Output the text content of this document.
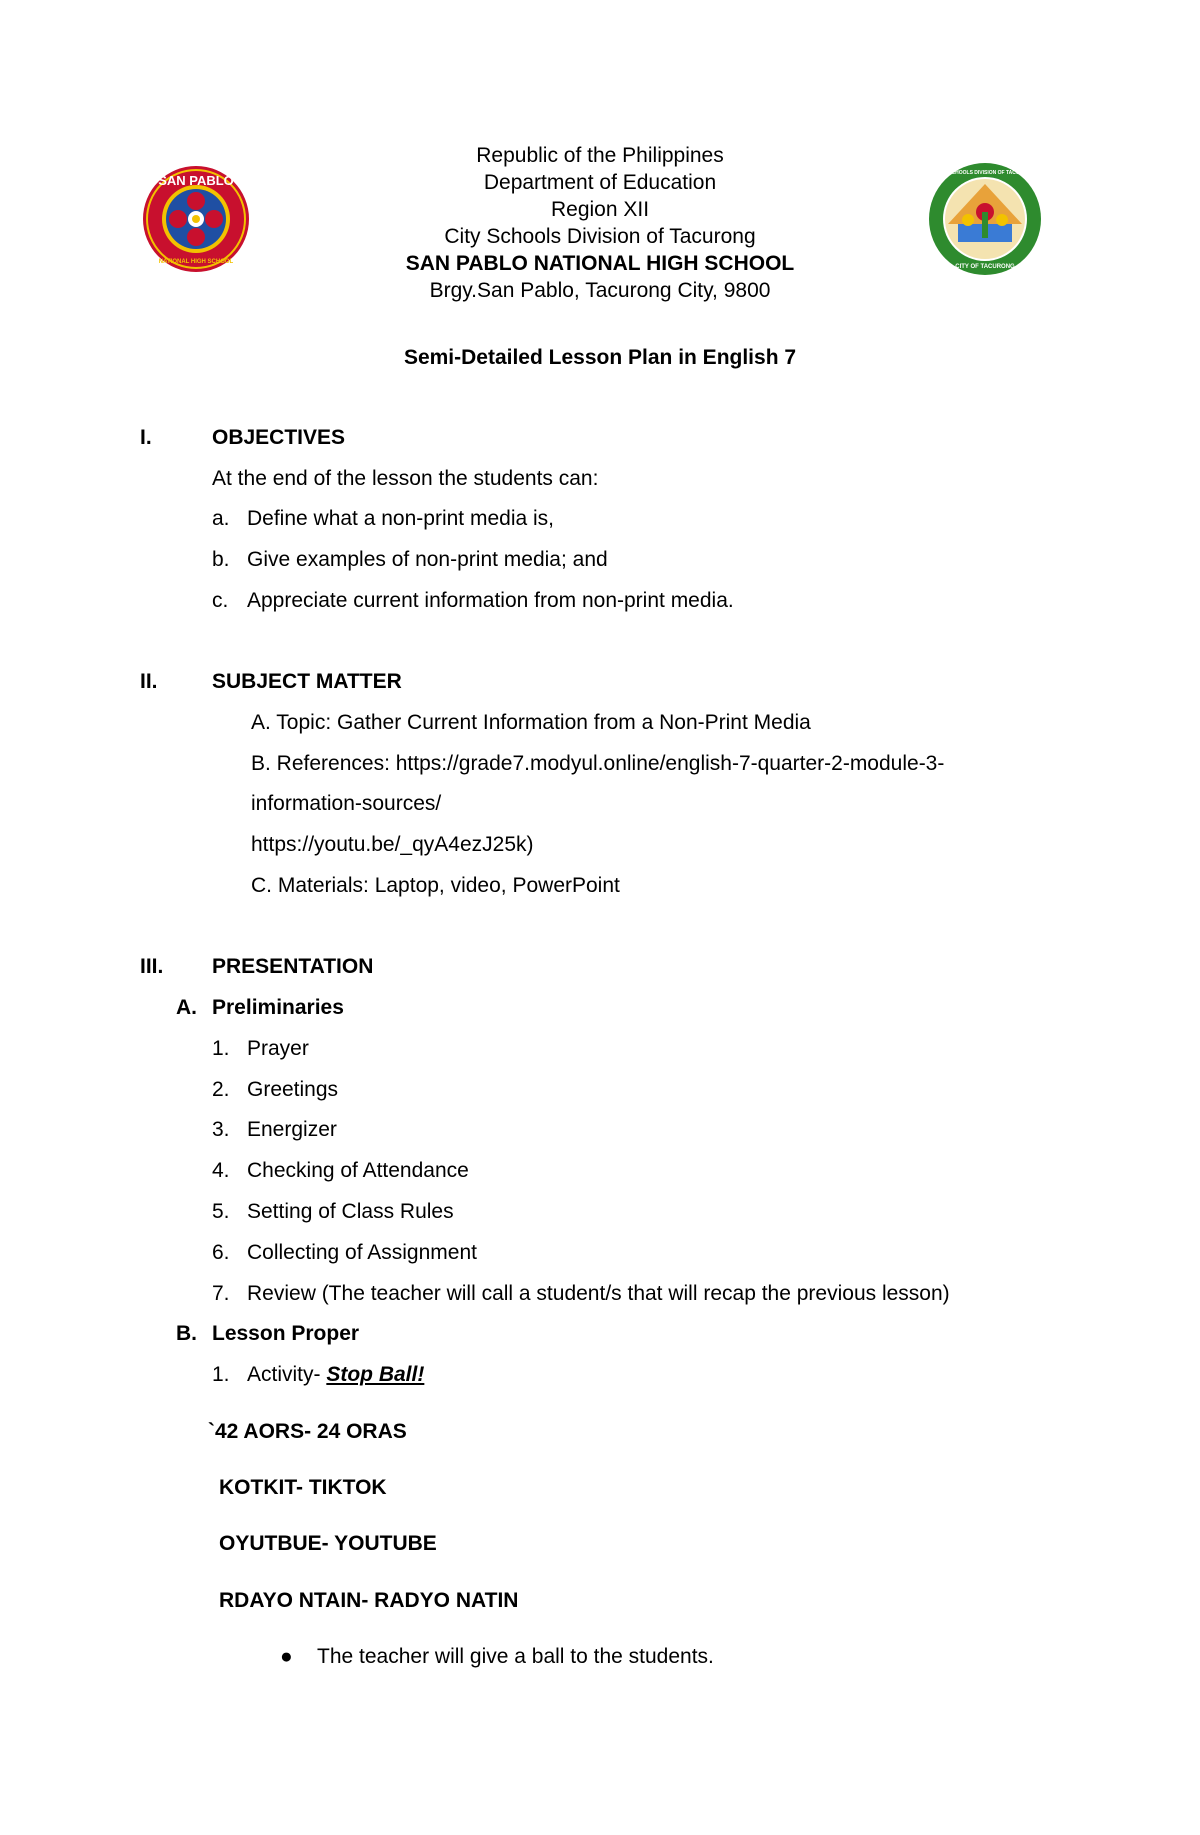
SAN PABLO
NATIONAL HIGH SCHOOL
CITY SCHOOLS DIVISION OF TACURONG
CITY OF TACURONG
Republic of the Philippines
Department of Education
Region XII
City Schools Division of Tacurong
SAN PABLO NATIONAL HIGH SCHOOL
Brgy.San Pablo, Tacurong City, 9800
Semi-Detailed Lesson Plan in English 7
I.	OBJECTIVES
At the end of the lesson the students can:
a. Define what a non-print media is,
b. Give examples of non-print media; and
c. Appreciate current information from non-print media.
II.	SUBJECT MATTER
A. Topic: Gather Current Information from a Non-Print Media
B. References: https://grade7.modyul.online/english-7-quarter-2-module-3-
information-sources/
https://youtu.be/_qyA4ezJ25k)
C. Materials: Laptop, video, PowerPoint
III. PRESENTATION
A. Preliminaries
1. Prayer
2. Greetings
3. Energizer
4. Checking of Attendance
5. Setting of Class Rules
6. Collecting of Assignment
7. Review (The teacher will call a student/s that will recap the previous lesson)
B. Lesson Proper
1. Activity- Stop Ball!
`42 AORS- 24 ORAS
KOTKIT- TIKTOK
OYUTBUE- YOUTUBE
RDAYO NTAIN- RADYO NATIN
● The teacher will give a ball to the students.
